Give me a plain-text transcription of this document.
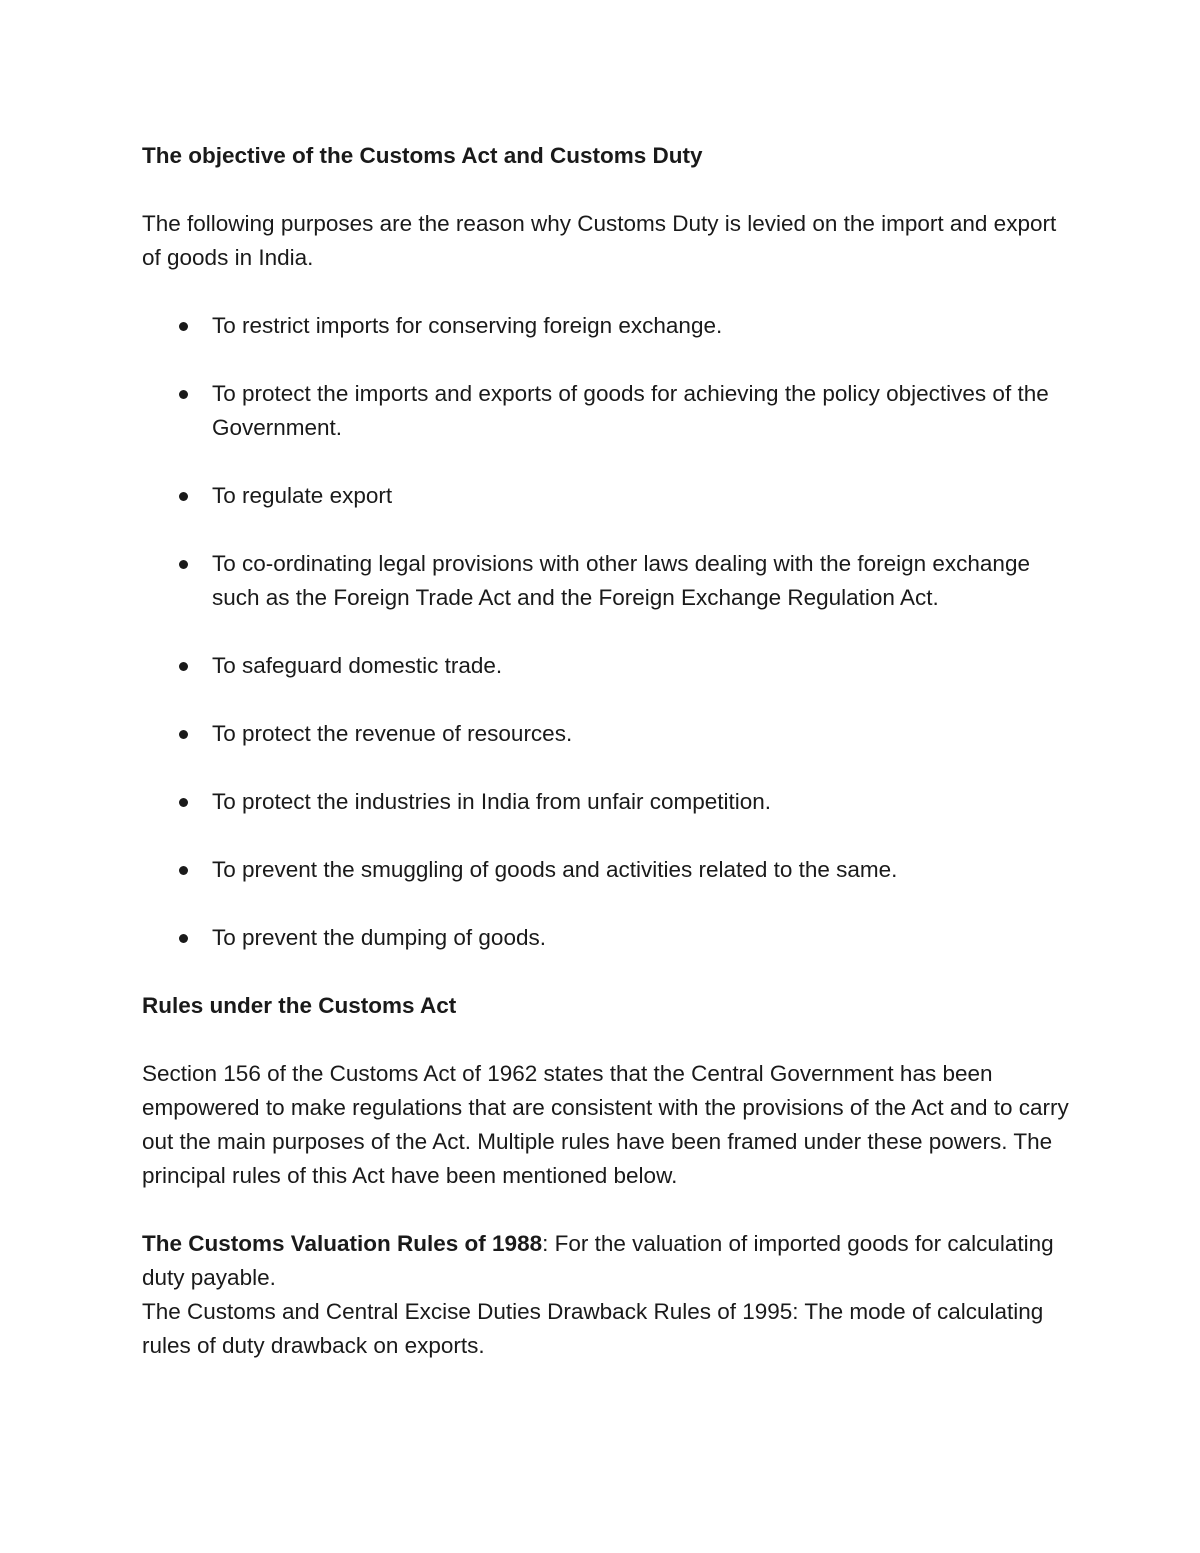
The objective of the Customs Act and Customs Duty

The following purposes are the reason why Customs Duty is levied on the import and export of goods in India.

To restrict imports for conserving foreign exchange.
To protect the imports and exports of goods for achieving the policy objectives of the Government.
To regulate export
To co-ordinating legal provisions with other laws dealing with the foreign exchange such as the Foreign Trade Act and the Foreign Exchange Regulation Act.
To safeguard domestic trade.
To protect the revenue of resources.
To protect the industries in India from unfair competition.
To prevent the smuggling of goods and activities related to the same.
To prevent the dumping of goods.

Rules under the Customs Act

Section 156 of the Customs Act of 1962 states that the Central Government has been empowered to make regulations that are consistent with the provisions of the Act and to carry out the main purposes of the Act. Multiple rules have been framed under these powers. The principal rules of this Act have been mentioned below.

The Customs Valuation Rules of 1988: For the valuation of imported goods for calculating duty payable.

The Customs and Central Excise Duties Drawback Rules of 1995: The mode of calculating rules of duty drawback on exports.
